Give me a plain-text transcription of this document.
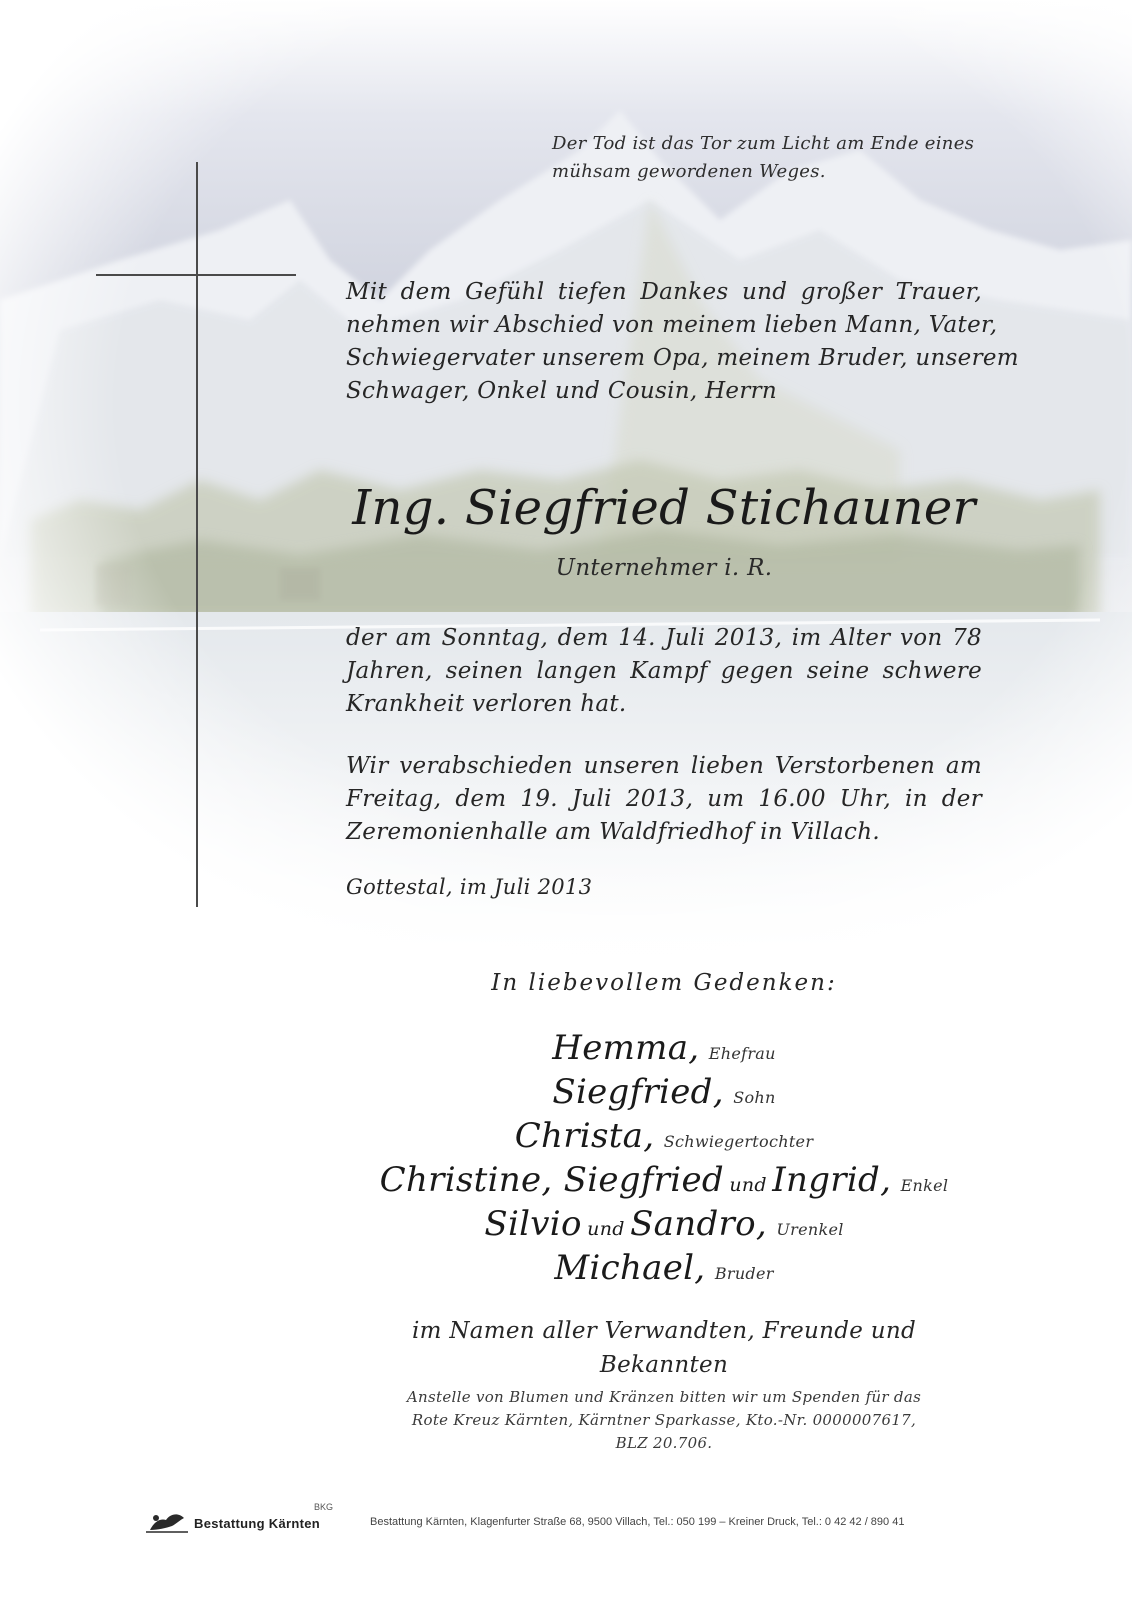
Der Tod ist das Tor zum Licht am Ende eines
mühsam gewordenen Weges.
Mit dem Gefühl tiefen Dankes und großer Trauer,
nehmen wir Abschied von meinem lieben Mann, Vater,
Schwiegervater unserem Opa, meinem Bruder, unserem
Schwager, Onkel und Cousin, Herrn
Ing. Siegfried Stichauner
Unternehmer i. R.
der am Sonntag, dem 14. Juli 2013, im Alter von 78
Jahren, seinen langen Kampf gegen seine schwere
Krankheit verloren hat.
Wir verabschieden unseren lieben Verstorbenen am
Freitag, dem 19. Juli 2013, um 16.00 Uhr, in der
Zeremonienhalle am Waldfriedhof in Villach.
Gottestal, im Juli 2013
In liebevollem Gedenken:
Hemma, Ehefrau
Siegfried, Sohn
Christa, Schwiegertochter
Christine, Siegfried und Ingrid, Enkel
Silvio und Sandro, Urenkel
Michael, Bruder
im Namen aller Verwandten, Freunde und Bekannten
Anstelle von Blumen und Kränzen bitten wir um Spenden für das
Rote Kreuz Kärnten, Kärntner Sparkasse, Kto.-Nr. 0000007617,
BLZ 20.706.
BKG
Bestattung Kärnten	Bestattung Kärnten, Klagenfurter Straße 68, 9500 Villach, Tel.: 050 199 – Kreiner Druck, Tel.: 0 42 42 / 890 41
